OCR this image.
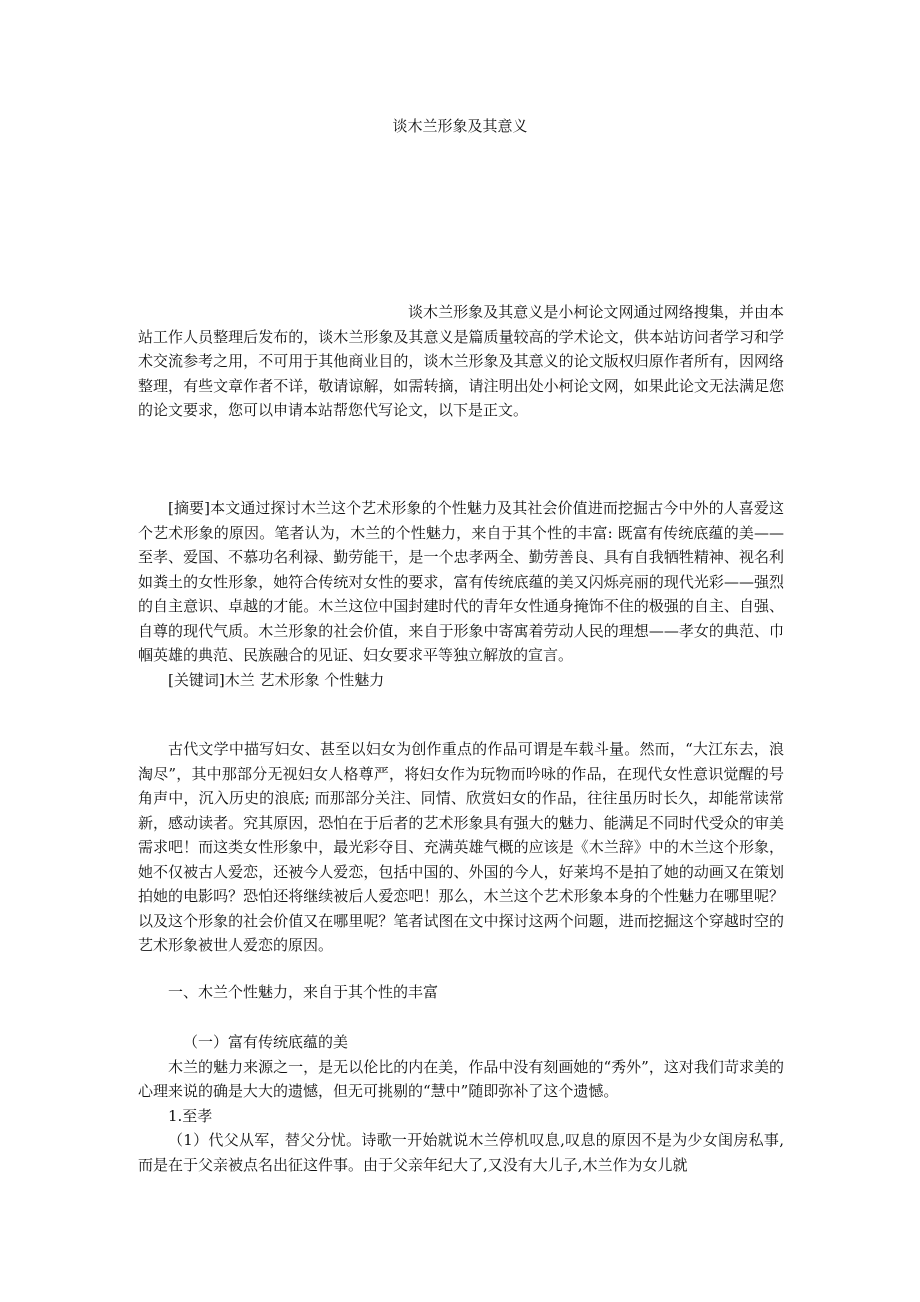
谈木兰形象及其意义

谈木兰形象及其意义是小柯论文网通过网络搜集，并由本站工作人员整理后发布的，谈木兰形象及其意义是篇质量较高的学术论文，供本站访问者学习和学术交流参考之用，不可用于其他商业目的，谈木兰形象及其意义的论文版权归原作者所有，因网络整理，有些文章作者不详，敬请谅解，如需转摘，请注明出处小柯论文网，如果此论文无法满足您的论文要求，您可以申请本站帮您代写论文，以下是正文。

[摘要]本文通过探讨木兰这个艺术形象的个性魅力及其社会价值进而挖掘古今中外的人喜爱这个艺术形象的原因。笔者认为，木兰的个性魅力，来自于其个性的丰富: 既富有传统底蕴的美——至孝、爱国、不慕功名利禄、勤劳能干，是一个忠孝两全、勤劳善良、具有自我牺牲精神、视名利如粪土的女性形象，她符合传统对女性的要求，富有传统底蕴的美又闪烁亮丽的现代光彩——强烈的自主意识、卓越的才能。木兰这位中国封建时代的青年女性通身掩饰不住的极强的自主、自强、自尊的现代气质。木兰形象的社会价值，来自于形象中寄寓着劳动人民的理想——孝女的典范、巾帼英雄的典范、民族融合的见证、妇女要求平等独立解放的宣言。

[关键词]木兰 艺术形象 个性魅力

古代文学中描写妇女、甚至以妇女为创作重点的作品可谓是车载斗量。然而，“大江东去，浪淘尽”，其中那部分无视妇女人格尊严，将妇女作为玩物而吟咏的作品，在现代女性意识觉醒的号角声中，沉入历史的浪底; 而那部分关注、同情、欣赏妇女的作品，往往虽历时长久，却能常读常新，感动读者。究其原因，恐怕在于后者的艺术形象具有强大的魅力、能满足不同时代受众的审美需求吧！而这类女性形象中，最光彩夺目、充满英雄气概的应该是《木兰辞》中的木兰这个形象，她不仅被古人爱恋，还被今人爱恋，包括中国的、外国的今人，好莱坞不是拍了她的动画又在策划拍她的电影吗？恐怕还将继续被后人爱恋吧！那么，木兰这个艺术形象本身的个性魅力在哪里呢？以及这个形象的社会价值又在哪里呢？笔者试图在文中探讨这两个问题，进而挖掘这个穿越时空的艺术形象被世人爱恋的原因。

一、木兰个性魅力，来自于其个性的丰富

（一）富有传统底蕴的美

木兰的魅力来源之一，是无以伦比的内在美，作品中没有刻画她的“秀外”，这对我们苛求美的心理来说的确是大大的遗憾，但无可挑剔的“慧中”随即弥补了这个遗憾。

1.至孝

（1）代父从军，替父分忧。诗歌一开始就说木兰停机叹息,叹息的原因不是为少女闺房私事,而是在于父亲被点名出征这件事。由于父亲年纪大了,又没有大儿子,木兰作为女儿就
